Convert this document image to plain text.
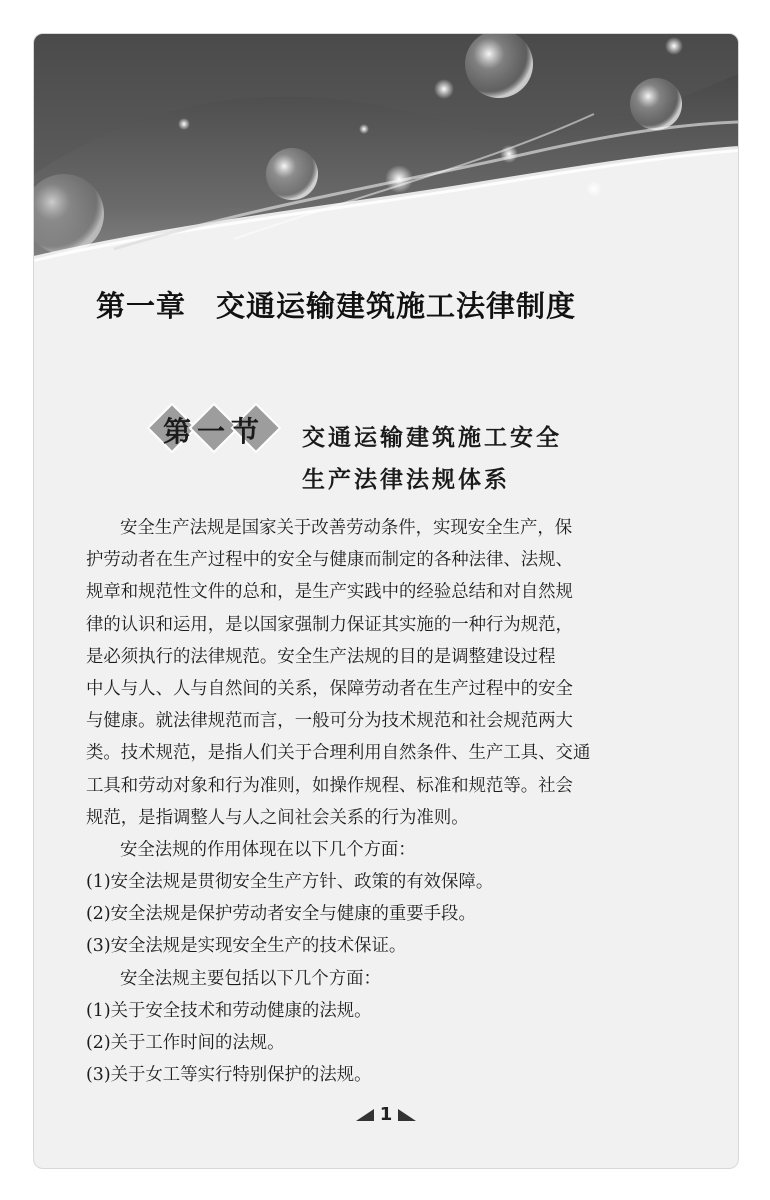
第一章　交通运输建筑施工法律制度
第一节	交通运输建筑施工安全
生产法律法规体系
安全生产法规是国家关于改善劳动条件，实现安全生产，保
护劳动者在生产过程中的安全与健康而制定的各种法律、法规、
规章和规范性文件的总和，是生产实践中的经验总结和对自然规
律的认识和运用，是以国家强制力保证其实施的一种行为规范，
是必须执行的法律规范。安全生产法规的目的是调整建设过程
中人与人、人与自然间的关系，保障劳动者在生产过程中的安全
与健康。就法律规范而言，一般可分为技术规范和社会规范两大
类。技术规范，是指人们关于合理利用自然条件、生产工具、交通
工具和劳动对象和行为准则，如操作规程、标准和规范等。社会
规范，是指调整人与人之间社会关系的行为准则。
安全法规的作用体现在以下几个方面：
(1)安全法规是贯彻安全生产方针、政策的有效保障。
(2)安全法规是保护劳动者安全与健康的重要手段。
(3)安全法规是实现安全生产的技术保证。
安全法规主要包括以下几个方面：
(1)关于安全技术和劳动健康的法规。
(2)关于工作时间的法规。
(3)关于女工等实行特别保护的法规。
1
